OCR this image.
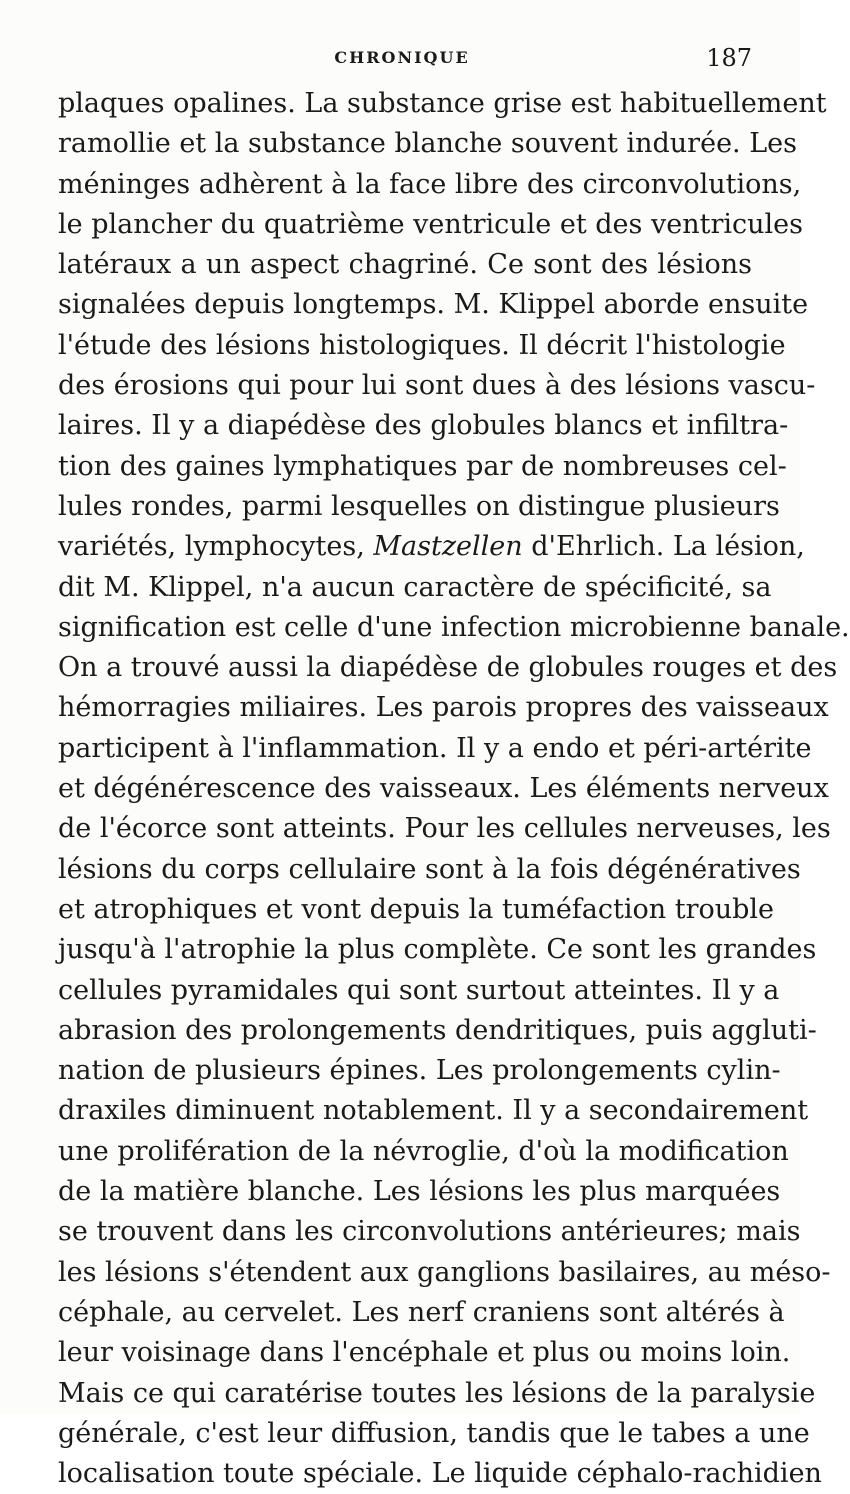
CHRONIQUE	187
plaques opalines. La substance grise est habituellement
ramollie et la substance blanche souvent indurée. Les
méninges adhèrent à la face libre des circonvolutions,
le plancher du quatrième ventricule et des ventricules
latéraux a un aspect chagriné. Ce sont des lésions
signalées depuis longtemps. M. Klippel aborde ensuite
l'étude des lésions histologiques. Il décrit l'histologie
des érosions qui pour lui sont dues à des lésions vascu-
laires. Il y a diapédèse des globules blancs et infiltra-
tion des gaines lymphatiques par de nombreuses cel-
lules rondes, parmi lesquelles on distingue plusieurs
variétés, lymphocytes, Mastzellen d'Ehrlich. La lésion,
dit M. Klippel, n'a aucun caractère de spécificité, sa
signification est celle d'une infection microbienne banale.
On a trouvé aussi la diapédèse de globules rouges et des
hémorragies miliaires. Les parois propres des vaisseaux
participent à l'inflammation. Il y a endo et péri-artérite
et dégénérescence des vaisseaux. Les éléments nerveux
de l'écorce sont atteints. Pour les cellules nerveuses, les
lésions du corps cellulaire sont à la fois dégénératives
et atrophiques et vont depuis la tuméfaction trouble
jusqu'à l'atrophie la plus complète. Ce sont les grandes
cellules pyramidales qui sont surtout atteintes. Il y a
abrasion des prolongements dendritiques, puis aggluti-
nation de plusieurs épines. Les prolongements cylin-
draxiles diminuent notablement. Il y a secondairement
une prolifération de la névroglie, d'où la modification
de la matière blanche. Les lésions les plus marquées
se trouvent dans les circonvolutions antérieures; mais
les lésions s'étendent aux ganglions basilaires, au méso-
céphale, au cervelet. Les nerf craniens sont altérés à
leur voisinage dans l'encéphale et plus ou moins loin.
Mais ce qui caratérise toutes les lésions de la paralysie
générale, c'est leur diffusion, tandis que le tabes a une
localisation toute spéciale. Le liquide céphalo-rachidien
